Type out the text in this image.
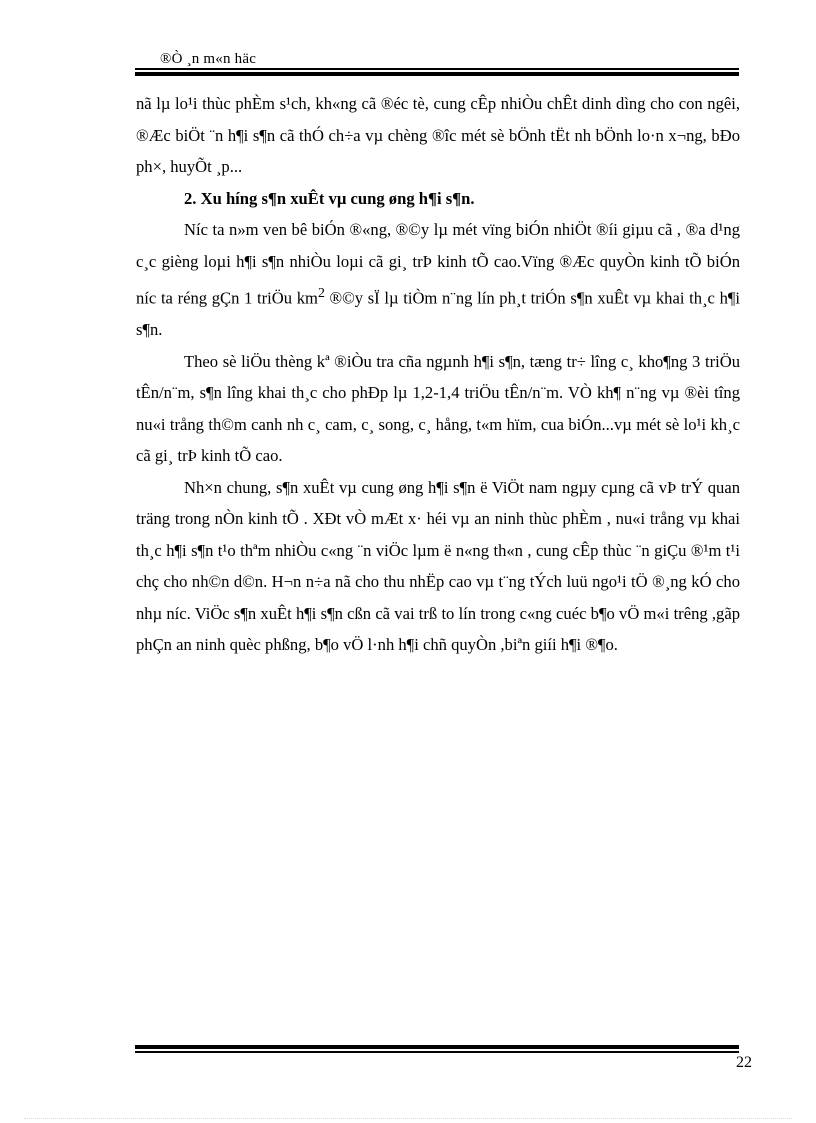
®Ò ¸n m«n häc

nã lµ lo¹i thùc phÈm s¹ch, kh«ng cã ®éc tè, cung cÊp nhiÒu chÊt dinh dìng cho con ngêi, ®Æc biÖt ¨n h¶i s¶n cã thÓ ch÷a vµ chèng ®îc mét sè bÖnh tËt nh bÖnh lo·n x¬ng, bÐo ph×, huyÕt ¸p...

2. Xu híng s¶n xuÊt vµ cung øng h¶i s¶n.

Níc ta n»m ven bê biÓn ®«ng, ®©y lµ mét vïng biÓn nhiÖt ®íi giµu cã , ®a d¹ng c¸c gièng loµi h¶i s¶n nhiÒu loµi cã gi¸ trÞ kinh tÕ cao.Vïng ®Æc quyÒn kinh tÕ biÓn níc ta réng gÇn 1 triÖu $km^2$ ®©y sÏ lµ tiÒm n¨ng lín ph¸t triÓn s¶n xuÊt vµ khai th¸c h¶i s¶n.

Theo sè liÖu thèng kª ®iÒu tra cña ngµnh h¶i s¶n, tæng tr÷ lîng c¸ kho¶ng 3 triÖu tÊn/n¨m, s¶n lîng khai th¸c cho phÐp lµ 1,2-1,4 triÖu tÊn/n¨m. VÒ kh¶ n¨ng vµ ®èi tîng nu«i trång th©m canh nh c¸ cam, c¸ song, c¸ hång, t«m hïm, cua biÓn...vµ mét sè lo¹i kh¸c cã gi¸ trÞ kinh tÕ cao.

Nh×n chung, s¶n xuÊt vµ cung øng h¶i s¶n ë ViÖt nam ngµy cµng cã vÞ trÝ quan träng trong nÒn kinh tÕ . XÐt vÒ mÆt x· héi vµ an ninh thùc phÈm , nu«i trång vµ khai th¸c h¶i s¶n t¹o thªm nhiÒu c«ng ¨n viÖc lµm ë n«ng th«n , cung cÊp thùc ¨n giÇu ®¹m t¹i chç cho nh©n d©n. H¬n n÷a nã cho thu nhËp cao vµ t¨ng tÝch luü ngo¹i tÖ ®¸ng kÓ cho nhµ níc. ViÖc s¶n xuÊt h¶i s¶n cßn cã vai trß to lín trong c«ng cuéc b¶o vÖ m«i trêng ,gãp phÇn an ninh quèc phßng, b¶o vÖ l·nh h¶i chñ quyÒn ,biªn giíi h¶i ®¶o.

22
